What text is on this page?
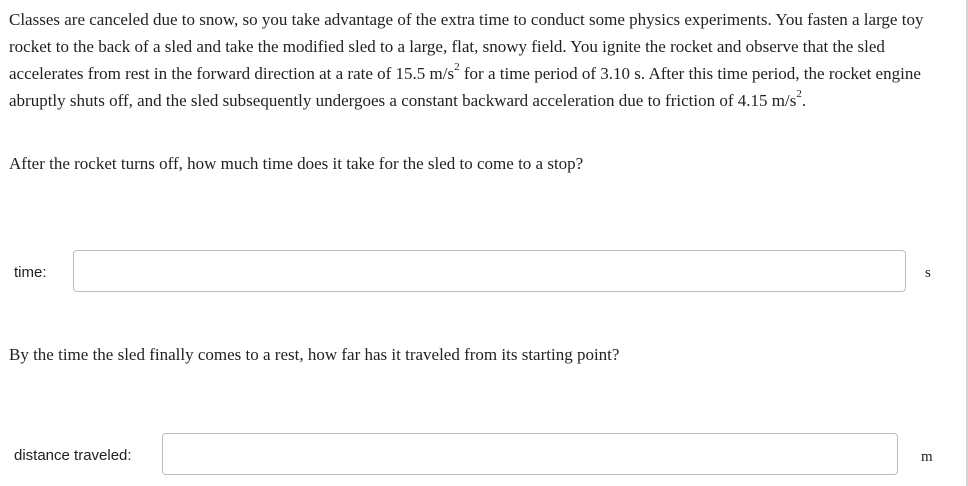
Classes are canceled due to snow, so you take advantage of the extra time to conduct some physics experiments. You fasten a large toy rocket to the back of a sled and take the modified sled to a large, flat, snowy field. You ignite the rocket and observe that the sled accelerates from rest in the forward direction at a rate of 15.5 $m/s^2$ for a time period of 3.10 s. After this time period, the rocket engine abruptly shuts off, and the sled subsequently undergoes a constant backward acceleration due to friction of 4.15 $m/s^2$.

After the rocket turns off, how much time does it take for the sled to come to a stop?

time:	s

By the time the sled finally comes to a rest, how far has it traveled from its starting point?

distance traveled:	m
